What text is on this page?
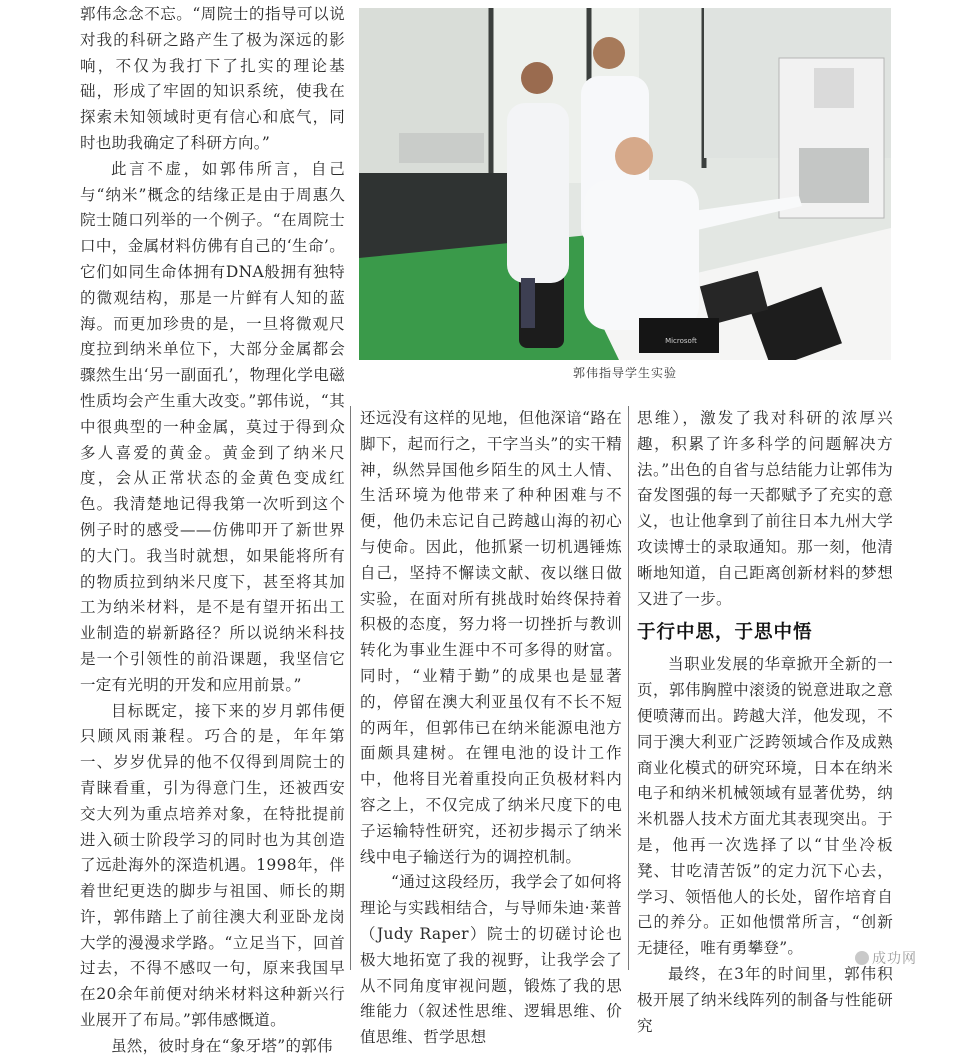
郭伟念念不忘。“周院士的指导可以说对我的科研之路产生了极为深远的影响，不仅为我打下了扎实的理论基础，形成了牢固的知识系统，使我在探索未知领域时更有信心和底气，同时也助我确定了科研方向。”

此言不虚，如郭伟所言，自己与“纳米”概念的结缘正是由于周惠久院士随口列举的一个例子。“在周院士口中，金属材料仿佛有自己的‘生命’。它们如同生命体拥有DNA般拥有独特的微观结构，那是一片鲜有人知的蓝海。而更加珍贵的是，一旦将微观尺度拉到纳米单位下，大部分金属都会骤然生出‘另一副面孔’，物理化学电磁性质均会产生重大改变。”郭伟说，“其中很典型的一种金属，莫过于得到众多人喜爱的黄金。黄金到了纳米尺度，会从正常状态的金黄色变成红色。我清楚地记得我第一次听到这个例子时的感受——仿佛叩开了新世界的大门。我当时就想，如果能将所有的物质拉到纳米尺度下，甚至将其加工为纳米材料，是不是有望开拓出工业制造的崭新路径？所以说纳米科技是一个引领性的前沿课题，我坚信它一定有光明的开发和应用前景。”

目标既定，接下来的岁月郭伟便只顾风雨兼程。巧合的是，年年第一、岁岁优异的他不仅得到周院士的青睐看重，引为得意门生，还被西安交大列为重点培养对象，在特批提前进入硕士阶段学习的同时也为其创造了远赴海外的深造机遇。1998年，伴着世纪更迭的脚步与祖国、师长的期许，郭伟踏上了前往澳大利亚卧龙岗大学的漫漫求学路。“立足当下，回首过去，不得不感叹一句，原来我国早在20余年前便对纳米材料这种新兴行业展开了布局。”郭伟感慨道。

虽然，彼时身在“象牙塔”的郭伟

Microsoft
郭伟指导学生实验

还远没有这样的见地，但他深谙“路在脚下，起而行之，干字当头”的实干精神，纵然异国他乡陌生的风土人情、生活环境为他带来了种种困难与不便，他仍未忘记自己跨越山海的初心与使命。因此，他抓紧一切机遇锤炼自己，坚持不懈读文献、夜以继日做实验，在面对所有挑战时始终保持着积极的态度，努力将一切挫折与教训转化为事业生涯中不可多得的财富。同时，“业精于勤”的成果也是显著的，停留在澳大利亚虽仅有不长不短的两年，但郭伟已在纳米能源电池方面颇具建树。在锂电池的设计工作中，他将目光着重投向正负极材料内容之上，不仅完成了纳米尺度下的电子运输特性研究，还初步揭示了纳米线中电子输送行为的调控机制。

“通过这段经历，我学会了如何将理论与实践相结合，与导师朱迪·莱普（Judy Raper）院士的切磋讨论也极大地拓宽了我的视野，让我学会了从不同角度审视问题，锻炼了我的思维能力（叙述性思维、逻辑思维、价值思维、哲学思想

思维），激发了我对科研的浓厚兴趣，积累了许多科学的问题解决方法。”出色的自省与总结能力让郭伟为奋发图强的每一天都赋予了充实的意义，也让他拿到了前往日本九州大学攻读博士的录取通知。那一刻，他清晰地知道，自己距离创新材料的梦想又进了一步。

于行中思，于思中悟

当职业发展的华章掀开全新的一页，郭伟胸膛中滚烫的锐意进取之意便喷薄而出。跨越大洋，他发现，不同于澳大利亚广泛跨领域合作及成熟商业化模式的研究环境，日本在纳米电子和纳米机械领域有显著优势，纳米机器人技术方面尤其表现突出。于是，他再一次选择了以“甘坐冷板凳、甘吃清苦饭”的定力沉下心去，学习、领悟他人的长处，留作培育自己的养分。正如他惯常所言，“创新无捷径，唯有勇攀登”。

最终，在3年的时间里，郭伟积极开展了纳米线阵列的制备与性能研究

成功网
